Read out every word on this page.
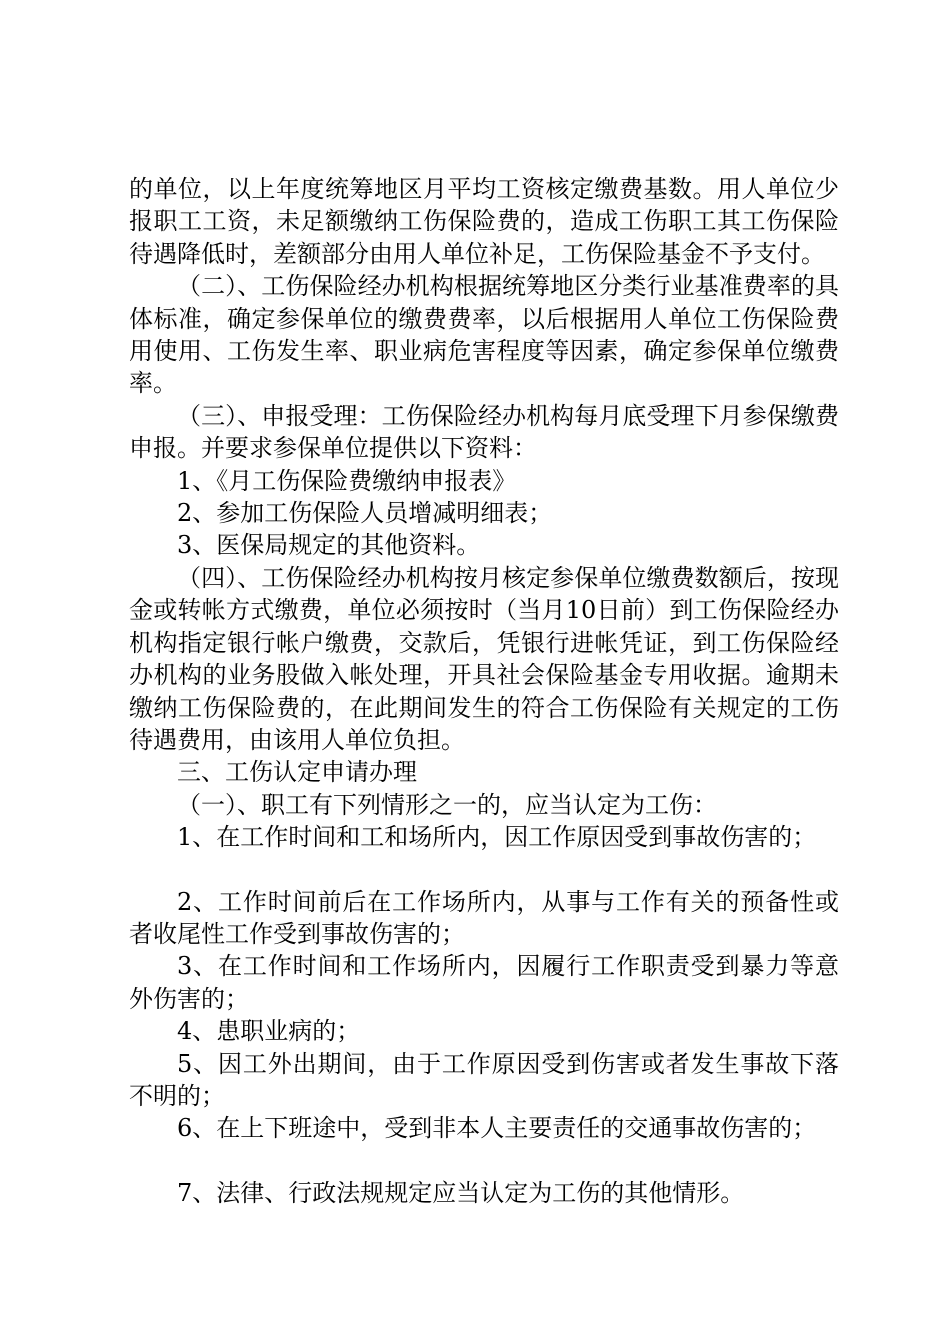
的单位，以上年度统筹地区月平均工资核定缴费基数。用人单位少报职工工资，未足额缴纳工伤保险费的，造成工伤职工其工伤保险待遇降低时，差额部分由用人单位补足，工伤保险基金不予支付。

（二）、工伤保险经办机构根据统筹地区分类行业基准费率的具体标准，确定参保单位的缴费费率，以后根据用人单位工伤保险费用使用、工伤发生率、职业病危害程度等因素，确定参保单位缴费率。

（三）、申报受理：工伤保险经办机构每月底受理下月参保缴费申报。并要求参保单位提供以下资料：

1、《月工伤保险费缴纳申报表》

2、参加工伤保险人员增减明细表；

3、医保局规定的其他资料。

（四）、工伤保险经办机构按月核定参保单位缴费数额后，按现金或转帐方式缴费，单位必须按时（当月10日前）到工伤保险经办机构指定银行帐户缴费，交款后，凭银行进帐凭证，到工伤保险经办机构的业务股做入帐处理，开具社会保险基金专用收据。逾期未缴纳工伤保险费的，在此期间发生的符合工伤保险有关规定的工伤待遇费用，由该用人单位负担。

三、工伤认定申请办理

（一）、职工有下列情形之一的，应当认定为工伤：

1、在工作时间和工和场所内，因工作原因受到事故伤害的；

2、工作时间前后在工作场所内，从事与工作有关的预备性或者收尾性工作受到事故伤害的；

3、在工作时间和工作场所内，因履行工作职责受到暴力等意外伤害的；

4、患职业病的；

5、因工外出期间，由于工作原因受到伤害或者发生事故下落不明的；

6、在上下班途中，受到非本人主要责任的交通事故伤害的；

7、法律、行政法规规定应当认定为工伤的其他情形。
